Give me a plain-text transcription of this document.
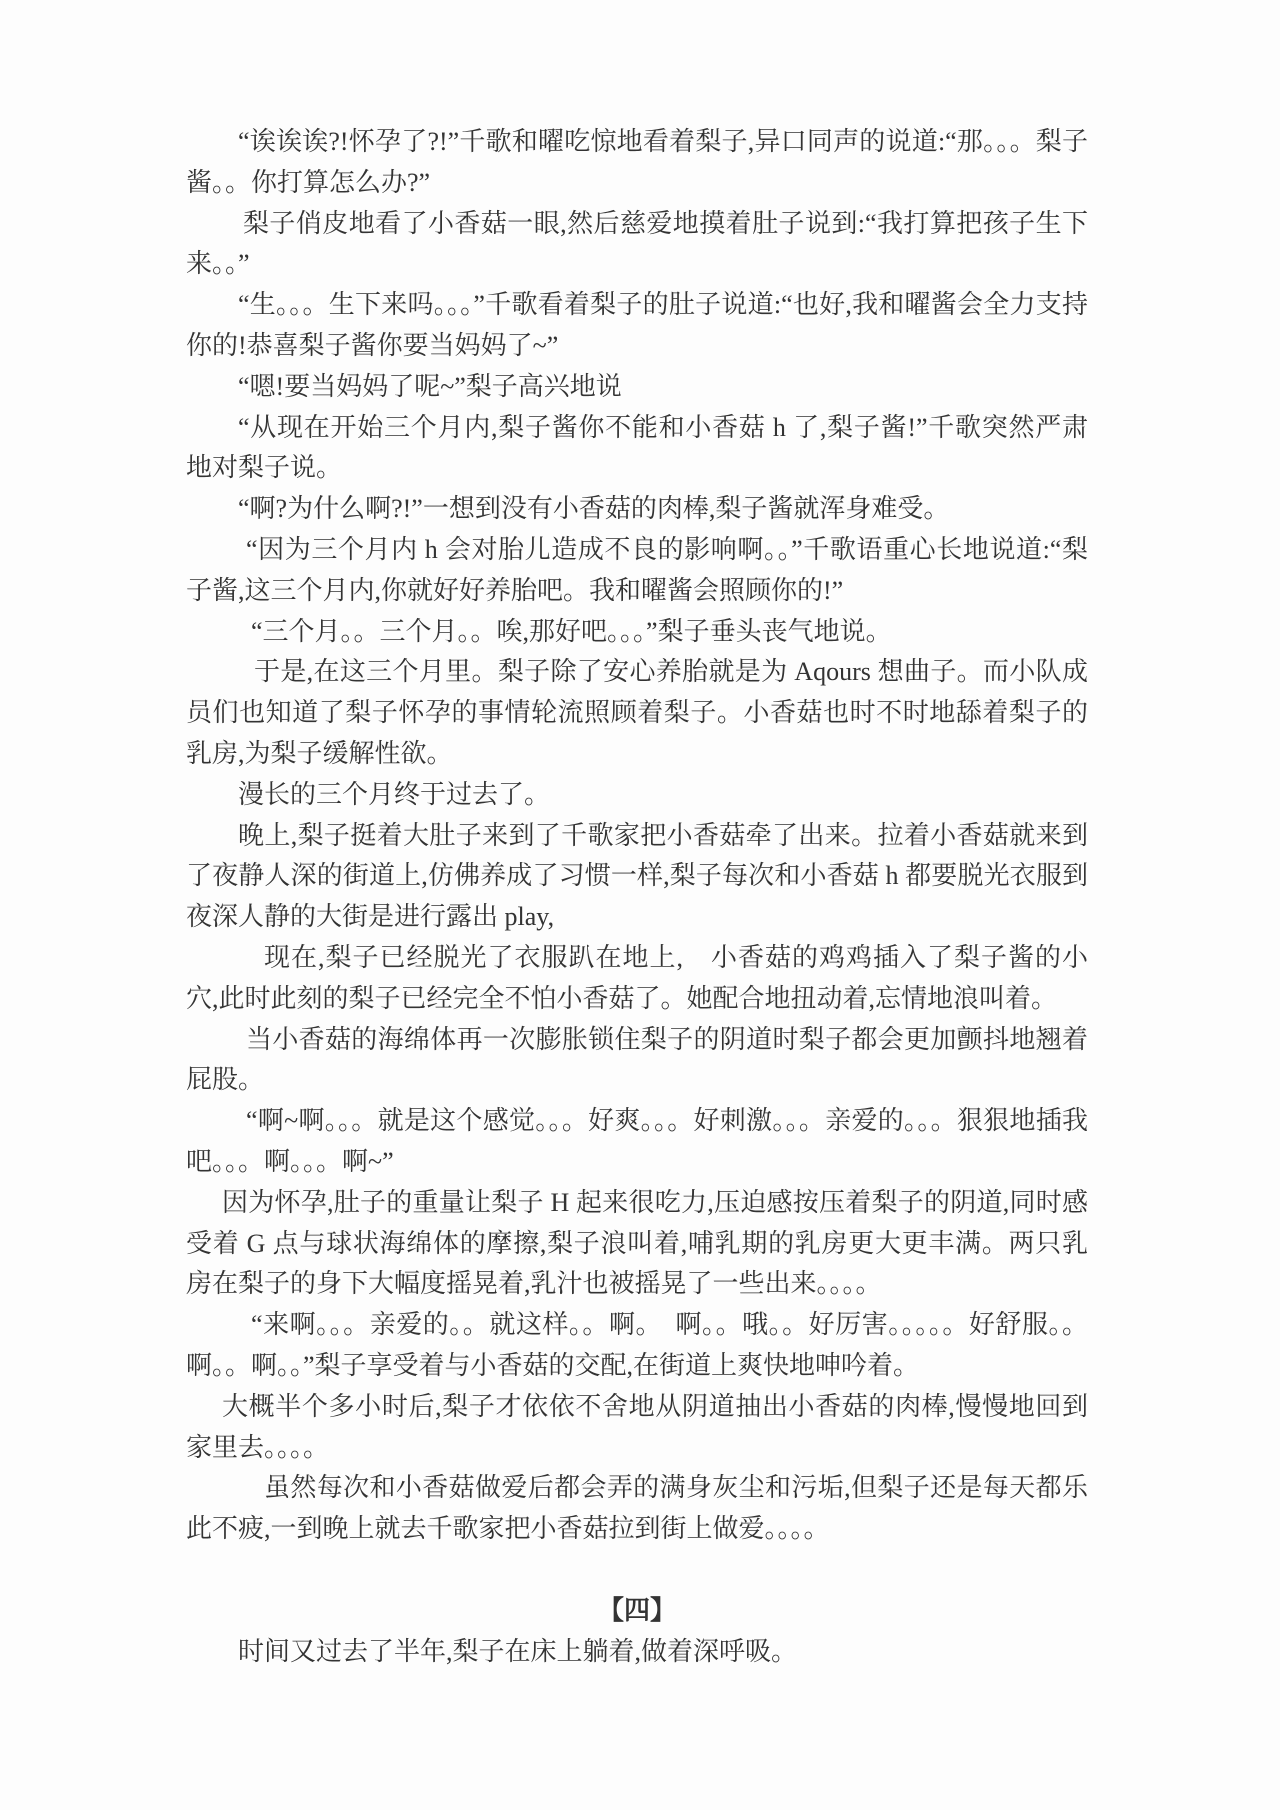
“诶诶诶?!怀孕了?!”千歌和曜吃惊地看着梨子,异口同声的说道:“那。。。梨子酱。。你打算怎么办?”

梨子俏皮地看了小香菇一眼,然后慈爱地摸着肚子说到:“我打算把孩子生下来。。”

“生。。。生下来吗。。。”千歌看着梨子的肚子说道:“也好,我和曜酱会全力支持你的!恭喜梨子酱你要当妈妈了~”

“嗯!要当妈妈了呢~”梨子高兴地说

“从现在开始三个月内,梨子酱你不能和小香菇 h 了,梨子酱!”千歌突然严肃地对梨子说。

“啊?为什么啊?!”一想到没有小香菇的肉棒,梨子酱就浑身难受。

“因为三个月内 h 会对胎儿造成不良的影响啊。。”千歌语重心长地说道:“梨子酱,这三个月内,你就好好养胎吧。我和曜酱会照顾你的!”

“三个月。。三个月。。唉,那好吧。。。”梨子垂头丧气地说。

于是,在这三个月里。梨子除了安心养胎就是为 Aqours 想曲子。而小队成员们也知道了梨子怀孕的事情轮流照顾着梨子。小香菇也时不时地舔着梨子的乳房,为梨子缓解性欲。

漫长的三个月终于过去了。

晚上,梨子挺着大肚子来到了千歌家把小香菇牵了出来。拉着小香菇就来到了夜静人深的街道上,仿佛养成了习惯一样,梨子每次和小香菇 h 都要脱光衣服到夜深人静的大街是进行露出 play,

现在,梨子已经脱光了衣服趴在地上,　小香菇的鸡鸡插入了梨子酱的小穴,此时此刻的梨子已经完全不怕小香菇了。她配合地扭动着,忘情地浪叫着。

当小香菇的海绵体再一次膨胀锁住梨子的阴道时梨子都会更加颤抖地翘着屁股。

“啊~啊。。。就是这个感觉。。。好爽。。。好刺激。。。亲爱的。。。狠狠地插我吧。。。啊。。。啊~”

因为怀孕,肚子的重量让梨子 H 起来很吃力,压迫感按压着梨子的阴道,同时感受着 G 点与球状海绵体的摩擦,梨子浪叫着,哺乳期的乳房更大更丰满。两只乳房在梨子的身下大幅度摇晃着,乳汁也被摇晃了一些出来。。。。

“来啊。。。亲爱的。。就这样。。啊。　啊。。哦。。好厉害。。。。。好舒服。。啊。。啊。。”梨子享受着与小香菇的交配,在街道上爽快地呻吟着。

大概半个多小时后,梨子才依依不舍地从阴道抽出小香菇的肉棒,慢慢地回到家里去。。。。

虽然每次和小香菇做爱后都会弄的满身灰尘和污垢,但梨子还是每天都乐此不疲,一到晚上就去千歌家把小香菇拉到街上做爱。。。。

【四】

时间又过去了半年,梨子在床上躺着,做着深呼吸。
